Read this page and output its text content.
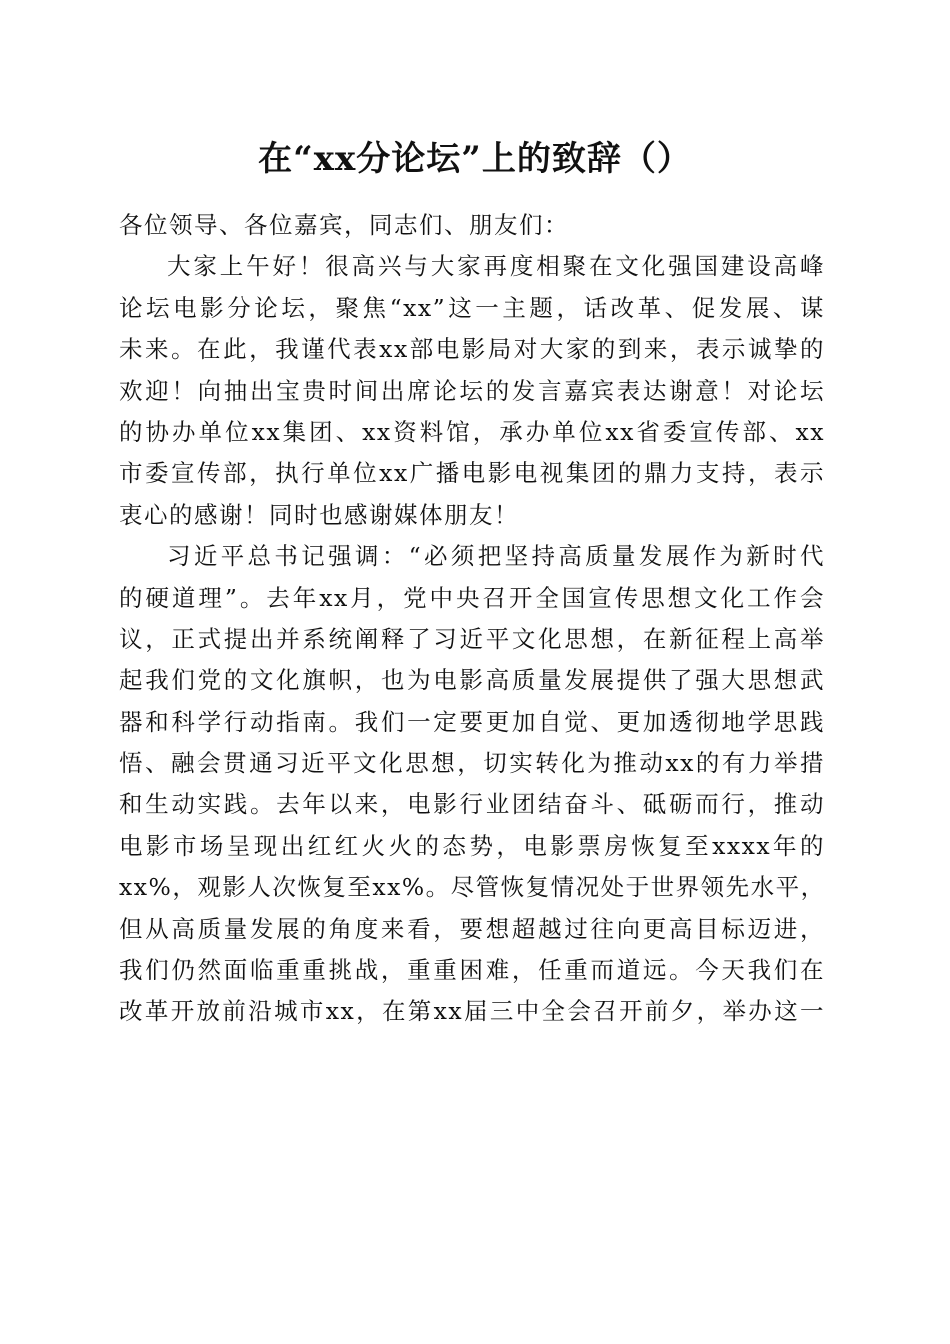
在“xx分论坛”上的致辞（）
各位领导、各位嘉宾，同志们、朋友们：
大家上午好！很高兴与大家再度相聚在文化强国建设高峰
论坛电影分论坛，聚焦“xx”这一主题，话改革、促发展、谋
未来。在此，我谨代表xx部电影局对大家的到来，表示诚挚的
欢迎！向抽出宝贵时间出席论坛的发言嘉宾表达谢意！对论坛
的协办单位xx集团、xx资料馆，承办单位xx省委宣传部、xx
市委宣传部，执行单位xx广播电影电视集团的鼎力支持，表示
衷心的感谢！同时也感谢媒体朋友！
习近平总书记强调：“必须把坚持高质量发展作为新时代
的硬道理”。去年xx月，党中央召开全国宣传思想文化工作会
议，正式提出并系统阐释了习近平文化思想，在新征程上高举
起我们党的文化旗帜，也为电影高质量发展提供了强大思想武
器和科学行动指南。我们一定要更加自觉、更加透彻地学思践
悟、融会贯通习近平文化思想，切实转化为推动xx的有力举措
和生动实践。去年以来，电影行业团结奋斗、砥砺而行，推动
电影市场呈现出红红火火的态势，电影票房恢复至xxxx年的
xx%，观影人次恢复至xx%。尽管恢复情况处于世界领先水平，
但从高质量发展的角度来看，要想超越过往向更高目标迈进，
我们仍然面临重重挑战，重重困难，任重而道远。今天我们在
改革开放前沿城市xx，在第xx届三中全会召开前夕，举办这一
